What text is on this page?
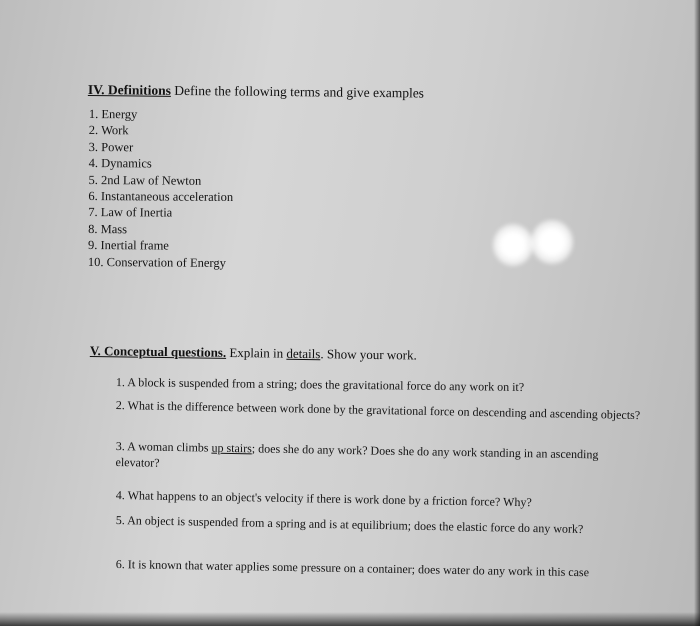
IV. Definitions Define the following terms and give examples
1. Energy
2. Work
3. Power
4. Dynamics
5. 2nd Law of Newton
6. Instantaneous acceleration
7. Law of Inertia
8. Mass
9. Inertial frame
10. Conservation of Energy
V. Conceptual questions. Explain in details. Show your work.
1. A block is suspended from a string; does the gravitational force do any work on it?
2. What is the difference between work done by the gravitational force on descending and ascending objects?
3. A woman climbs up stairs; does she do any work? Does she do any work standing in an ascending elevator?
4. What happens to an object's velocity if there is work done by a friction force? Why?
5. An object is suspended from a spring and is at equilibrium; does the elastic force do any work?
6. It is known that water applies some pressure on a container; does water do any work in this case
